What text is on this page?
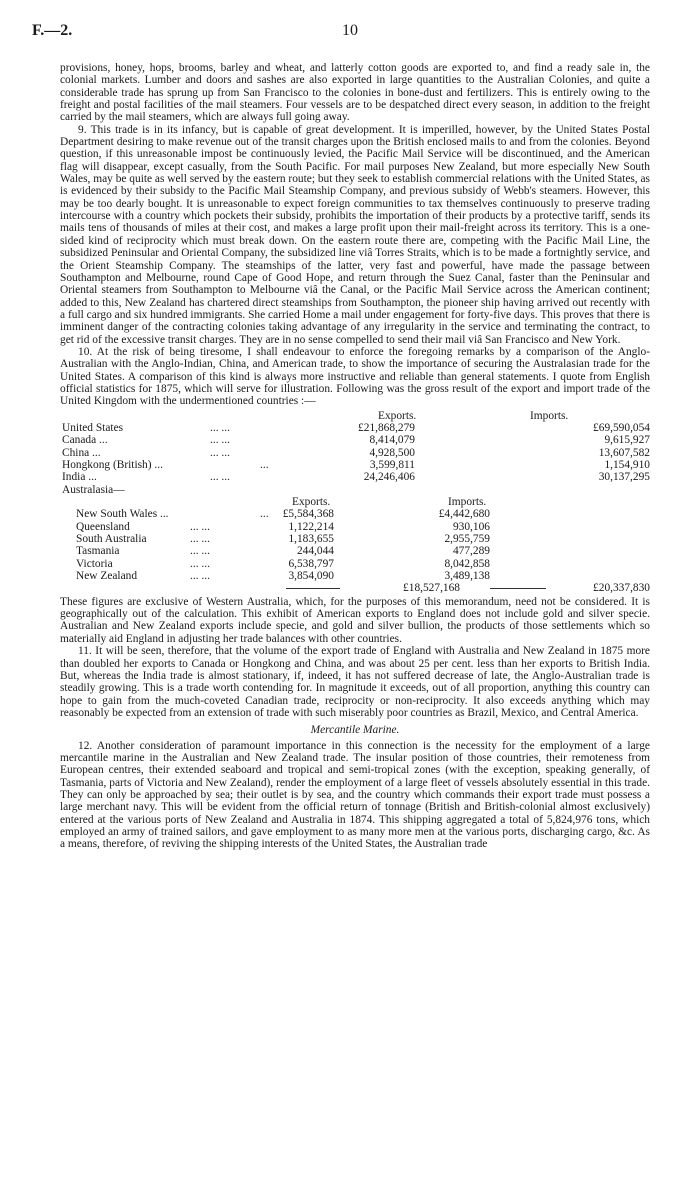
F.—2.	10

provisions, honey, hops, brooms, barley and wheat, and latterly cotton goods are exported to, and find a ready sale in, the colonial markets. Lumber and doors and sashes are also exported in large quantities to the Australian Colonies, and quite a considerable trade has sprung up from San Francisco to the colonies in bone-dust and fertilizers. This is entirely owing to the freight and postal facilities of the mail steamers. Four vessels are to be despatched direct every season, in addition to the freight carried by the mail steamers, which are always full going away.

9. This trade is in its infancy, but is capable of great development. It is imperilled, however, by the United States Postal Department desiring to make revenue out of the transit charges upon the British enclosed mails to and from the colonies. Beyond question, if this unreasonable impost be continuously levied, the Pacific Mail Service will be discontinued, and the American flag will disappear, except casually, from the South Pacific. For mail purposes New Zealand, but more especially New South Wales, may be quite as well served by the eastern route; but they seek to establish commercial relations with the United States, as is evidenced by their subsidy to the Pacific Mail Steamship Company, and previous subsidy of Webb's steamers. However, this may be too dearly bought. It is unreasonable to expect foreign communities to tax themselves continuously to preserve trading intercourse with a country which pockets their subsidy, prohibits the importation of their products by a protective tariff, sends its mails tens of thousands of miles at their cost, and makes a large profit upon their mail-freight across its territory. This is a one-sided kind of reciprocity which must break down. On the eastern route there are, competing with the Pacific Mail Line, the subsidized Peninsular and Oriental Company, the subsidized line viâ Torres Straits, which is to be made a fortnightly service, and the Orient Steamship Company. The steamships of the latter, very fast and powerful, have made the passage between Southampton and Melbourne, round Cape of Good Hope, and return through the Suez Canal, faster than the Peninsular and Oriental steamers from Southampton to Melbourne viâ the Canal, or the Pacific Mail Service across the American continent; added to this, New Zealand has chartered direct steamships from Southampton, the pioneer ship having arrived out recently with a full cargo and six hundred immigrants. She carried Home a mail under engagement for forty-five days. This proves that there is imminent danger of the contracting colonies taking advantage of any irregularity in the service and terminating the contract, to get rid of the excessive transit charges. They are in no sense compelled to send their mail viâ San Francisco and New York.

10. At the risk of being tiresome, I shall endeavour to enforce the foregoing remarks by a comparison of the Anglo-Australian with the Anglo-Indian, China, and American trade, to show the importance of securing the Australasian trade for the United States. A comparison of this kind is always more instructive and reliable than general statements. I quote from English official statistics for 1875, which will serve for illustration. Following was the gross result of the export and import trade of the United Kingdom with the undermentioned countries :—

Exports.	Imports.
United States	... ...	£21,868,279	£69,590,054
Canada ...	... ...	8,414,079	9,615,927
China ...	... ...	4,928,500	13,607,582
Hongkong (British) ...	...	3,599,811	1,154,910
India ...	... ...	24,246,406	30,137,295
Australasia—
Exports.	Imports.
New South Wales ...	... £5,584,368	£4,442,680
Queensland	... ...	1,122,214	930,106
South Australia	... ...	1,183,655	2,955,759
Tasmania	... ...	244,044	477,289
Victoria	... ...	6,538,797	8,042,858
New Zealand	... ...	3,854,090	3,489,138
£18,527,168	£20,337,830

These figures are exclusive of Western Australia, which, for the purposes of this memorandum, need not be considered. It is geographically out of the calculation. This exhibit of American exports to England does not include gold and silver specie. Australian and New Zealand exports include specie, and gold and silver bullion, the products of those settlements which so materially aid England in adjusting her trade balances with other countries.

11. It will be seen, therefore, that the volume of the export trade of England with Australia and New Zealand in 1875 more than doubled her exports to Canada or Hongkong and China, and was about 25 per cent. less than her exports to British India. But, whereas the India trade is almost stationary, if, indeed, it has not suffered decrease of late, the Anglo-Australian trade is steadily growing. This is a trade worth contending for. In magnitude it exceeds, out of all proportion, anything this country can hope to gain from the much-coveted Canadian trade, reciprocity or non-reciprocity. It also exceeds anything which may reasonably be expected from an extension of trade with such miserably poor countries as Brazil, Mexico, and Central America.

Mercantile Marine.

12. Another consideration of paramount importance in this connection is the necessity for the employment of a large mercantile marine in the Australian and New Zealand trade. The insular position of those countries, their remoteness from European centres, their extended seaboard and tropical and semi-tropical zones (with the exception, speaking generally, of Tasmania, parts of Victoria and New Zealand), render the employment of a large fleet of vessels absolutely essential in this trade. They can only be approached by sea; their outlet is by sea, and the country which commands their export trade must possess a large merchant navy. This will be evident from the official return of tonnage (British and British-colonial almost exclusively) entered at the various ports of New Zealand and Australia in 1874. This shipping aggregated a total of 5,824,976 tons, which employed an army of trained sailors, and gave employment to as many more men at the various ports, discharging cargo, &c. As a means, therefore, of reviving the shipping interests of the United States, the Australian trade
